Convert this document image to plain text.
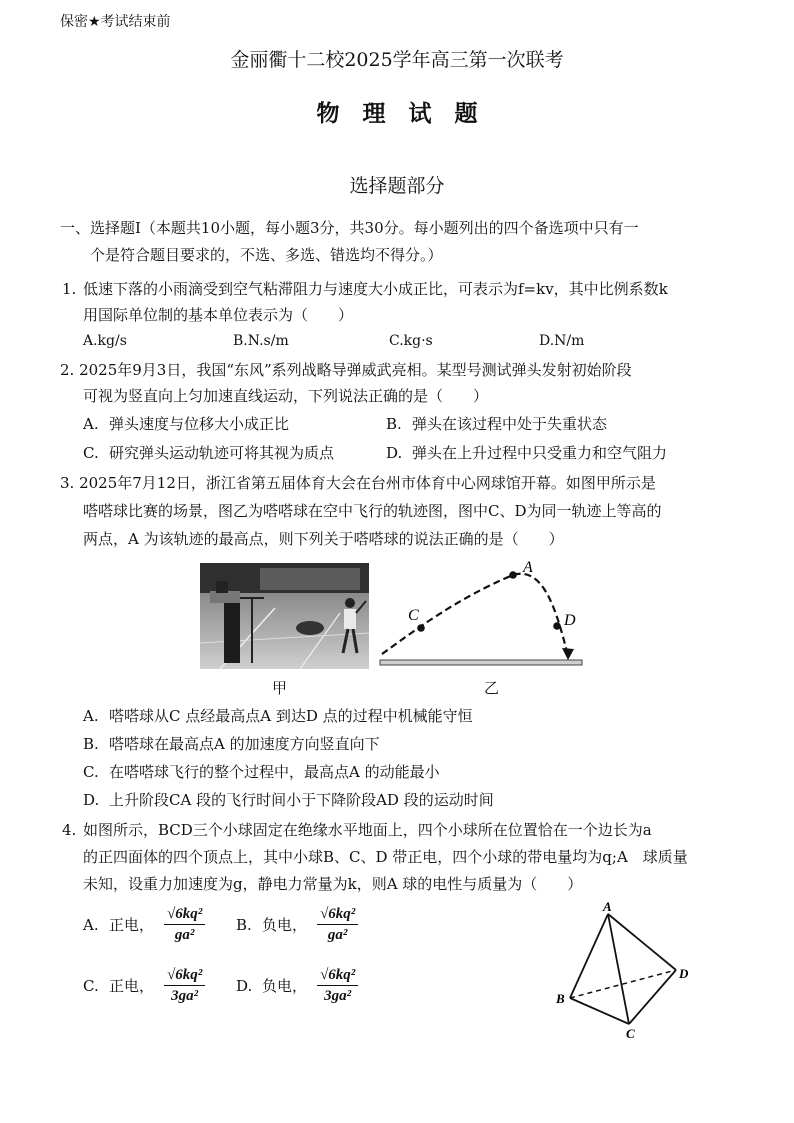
保密★考试结束前
金丽衢十二校2025学年高三第一次联考
物　理　试　题
选择题部分
一、选择题Ⅰ（本题共10小题，每小题3分，共30分。每小题列出的四个备选项中只有一
个是符合题目要求的，不选、多选、错选均不得分。）
1. 低速下落的小雨滴受到空气粘滞阻力与速度大小成正比，可表示为f=kv，其中比例系数k
用国际单位制的基本单位表示为（　　）
A.kg/s	B.N.s/m	C.kg·s	D.N/m
2. 2025年9月3日，我国“东风”系列战略导弹威武亮相。某型号测试弹头发射初始阶段
可视为竖直向上匀加速直线运动，下列说法正确的是（　　）
A. 弹头速度与位移大小成正比	B. 弹头在该过程中处于失重状态
C. 研究弹头运动轨迹可将其视为质点	D. 弹头在上升过程中只受重力和空气阻力
3. 2025年7月12日，浙江省第五届体育大会在台州市体育中心网球馆开幕。如图甲所示是
嗒嗒球比赛的场景，图乙为嗒嗒球在空中飞行的轨迹图，图中C、D为同一轨迹上等高的
两点，A 为该轨迹的最高点，则下列关于嗒嗒球的说法正确的是（　　）
甲
C
A
D
乙
A. 嗒嗒球从C 点经最高点A 到达D 点的过程中机械能守恒
B. 嗒嗒球在最高点A 的加速度方向竖直向下
C. 在嗒嗒球飞行的整个过程中，最高点A 的动能最小
D. 上升阶段CA 段的飞行时间小于下降阶段AD 段的运动时间
4. 如图所示，BCD三个小球固定在绝缘水平地面上，四个小球所在位置恰在一个边长为a
的正四面体的四个顶点上，其中小球B、C、D 带正电，四个小球的带电量均为q;A　球质量
未知，设重力加速度为g，静电力常量为k，则A 球的电性与质量为（　　）
A. 正电， $\frac{\text{√6kq²}}{\text{ga²}} B$. 负电， $\frac{\text{√6kq²}}{\text{ga²}}$
C. 正电， $\frac{\text{√6kq²}}{\text{3ga²}} D$. 负电， $\frac{\text{√6kq²}}{\text{3ga²}}$
A
B
C
D
